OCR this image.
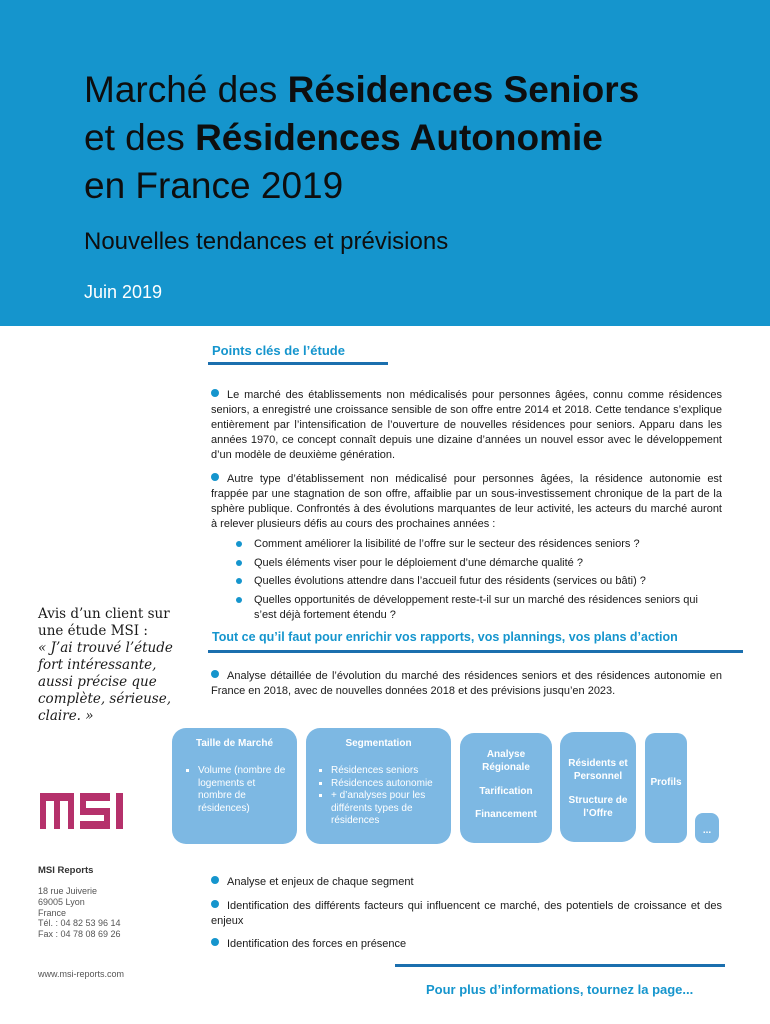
Marché des Résidences Seniors
et des Résidences Autonomie
en France 2019
Nouvelles tendances et prévisions
Juin 2019
Points clés de l’étude
Le marché des établissements non médicalisés pour personnes âgées, connu comme résidences seniors, a enregistré une croissance sensible de son offre entre 2014 et 2018. Cette tendance s’explique entièrement par l’intensification de l’ouverture de nouvelles résidences pour seniors. Apparu dans les années 1970, ce concept connaît depuis une dizaine d’années un nouvel essor avec le développement d’un modèle de deuxième génération.
Autre type d’établissement non médicalisé pour personnes âgées, la résidence autonomie est frappée par une stagnation de son offre, affaiblie par un sous-investissement chronique de la part de la sphère publique. Confrontés à des évolutions marquantes de leur activité, les acteurs du marché auront à relever plusieurs défis au cours des prochaines années :
Comment améliorer la lisibilité de l’offre sur le secteur des résidences seniors ?
Quels éléments viser pour le déploiement d’une démarche qualité ?
Quelles évolutions attendre dans l’accueil futur des résidents (services ou bâti) ?
Quelles opportunités de développement reste-t-il sur un marché des résidences seniors qui s’est déjà fortement étendu ?
Avis d’un client sur une étude MSI :
« J’ai trouvé l’étude fort intéressante, aussi précise que complète, sérieuse, claire. »
Tout ce qu’il faut pour enrichir vos rapports, vos plannings, vos plans d’action
Analyse détaillée de l’évolution du marché des résidences seniors et des résidences autonomie en France en 2018, avec de nouvelles données 2018 et des prévisions jusqu’en 2023.
Taille de Marché
Volume (nombre de logements et nombre de résidences)
Segmentation
Résidences seniors
Résidences autonomie
+ d’analyses pour les différents types de résidences
Analyse
Régionale
Tarification
Financement
Résidents et
Personnel
Structure de
l’Offre
Profils
...
MSI Reports
18 rue Juiverie
69005 Lyon
France
Tél. : 04 82 53 96 14
Fax : 04 78 08 69 26
www.msi-reports.com
Analyse et enjeux de chaque segment
Identification des différents facteurs qui influencent ce marché, des potentiels de croissance et des enjeux
Identification des forces en présence
Pour plus d’informations, tournez la page...
